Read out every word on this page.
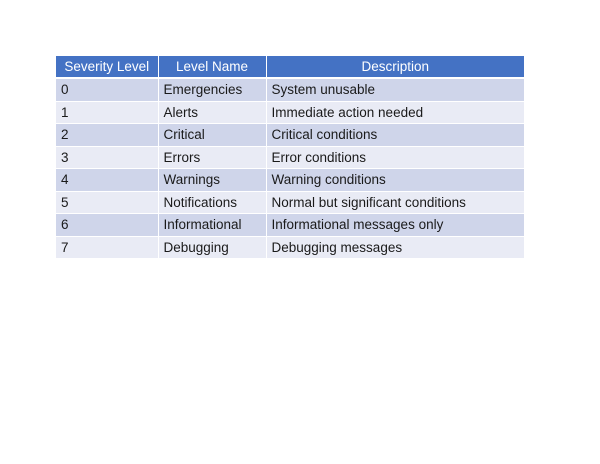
Severity Level	Level Name	Description
0	Emergencies	System unusable
1	Alerts	Immediate action needed
2	Critical	Critical conditions
3	Errors	Error conditions
4	Warnings	Warning conditions
5	Notifications	Normal but significant conditions
6	Informational	Informational messages only
7	Debugging	Debugging messages
